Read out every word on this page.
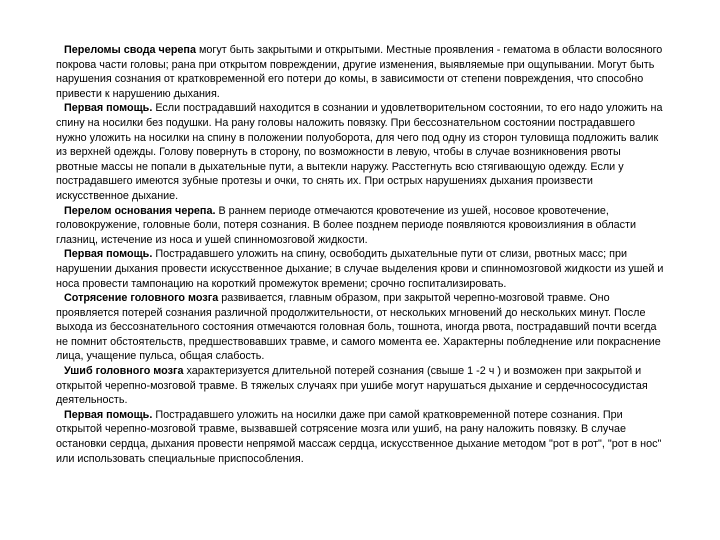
Переломы свода черепа могут быть закрытыми и открытыми. Местные проявления - гематома в области волосяного покрова части головы; рана при открытом повреждении, другие изменения, выявляемые при ощупывании. Могут быть нарушения сознания от кратковременной его потери до комы, в зависимости от степени повреждения, что способно привести к нарушению дыхания.

Первая помощь. Если пострадавший находится в сознании и удовлетворительном состоянии, то его надо уложить на спину на носилки без подушки. На рану головы наложить повязку. При бессознательном состоянии пострадавшего нужно уложить на носилки на спину в положении полуоборота, для чего под одну из сторон туловища подложить валик из верхней одежды. Голову повернуть в сторону, по возможности в левую, чтобы в случае возникновения рвоты рвотные массы не попали в дыхательные пути, а вытекли наружу. Расстегнуть всю стягивающую одежду. Если у пострадавшего имеются зубные протезы и очки, то снять их. При острых нарушениях дыхания произвести искусственное дыхание.

Перелом основания черепа. В раннем периоде отмечаются кровотечение из ушей, носовое кровотечение, головокружение, головные боли, потеря сознания. В более позднем периоде появляются кровоизлияния в области глазниц, истечение из носа и ушей спинномозговой жидкости.

Первая помощь. Пострадавшего уложить на спину, освободить дыхательные пути от слизи, рвотных масс; при нарушении дыхания провести искусственное дыхание; в случае выделения крови и спинномозговой жидкости из ушей и носа провести тампонацию на короткий промежуток времени; срочно госпитализировать.

Сотрясение головного мозга развивается, главным образом, при закрытой черепно-мозговой травме. Оно проявляется потерей сознания различной продолжительности, от нескольких мгновений до нескольких минут. После выхода из бессознательного состояния отмечаются головная боль, тошнота, иногда рвота, пострадавший почти всегда не помнит обстоятельств, предшествовавших травме, и самого момента ее. Характерны побледнение или покраснение лица, учащение пульса, общая слабость.

Ушиб головного мозга характеризуется длительной потерей сознания (свыше 1 -2 ч ) и возможен при закрытой и открытой черепно-мозговой травме. В тяжелых случаях при ушибе могут нарушаться дыхание и сердечнососудистая деятельность.

Первая помощь. Пострадавшего уложить на носилки даже при самой кратковременной потере сознания. При открытой черепно-мозговой травме, вызвавшей сотрясение мозга или ушиб, на рану наложить повязку. В случае остановки сердца, дыхания провести непрямой массаж сердца, искусственное дыхание методом "рот в рот", "рот в нос" или использовать специальные приспособления.
